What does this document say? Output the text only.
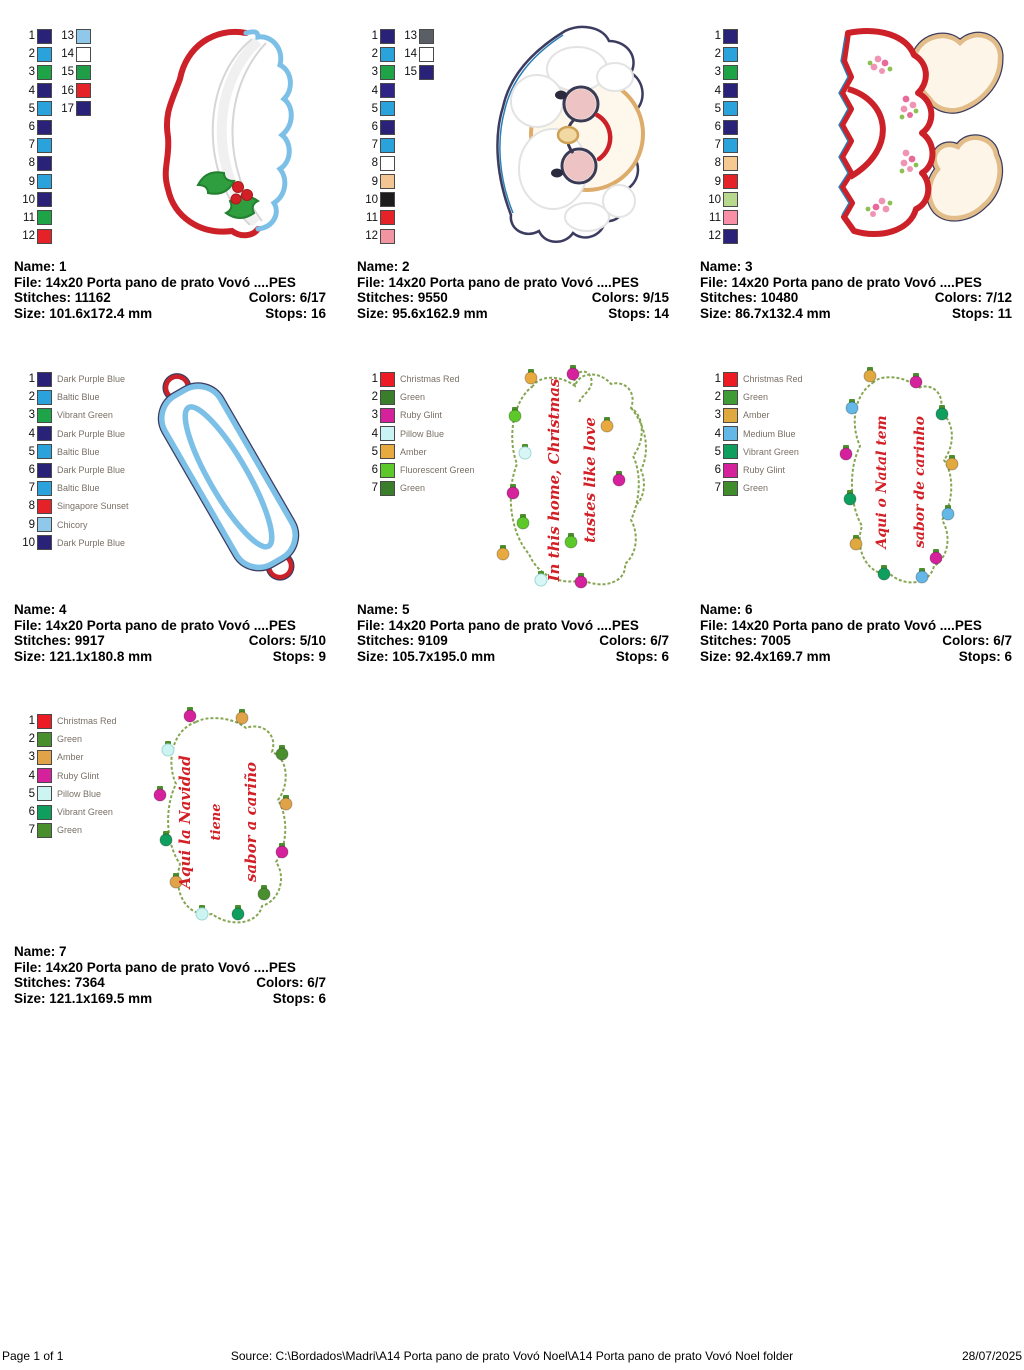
1
2
3
4
5
6
7
8
9
10
11
12
13
14
15
16
17
Name: 1
File: 14x20 Porta pano de prato Vovó ....PES
Stitches: 11162	Colors: 6/17
Size: 101.6x172.4 mm	Stops: 16
1
2
3
4
5
6
7
8
9
10
11
12
13
14
15
Name: 2
File: 14x20 Porta pano de prato Vovó ....PES
Stitches: 9550	Colors: 9/15
Size: 95.6x162.9 mm	Stops: 14
1
2
3
4
5
6
7
8
9
10
11
12
Name: 3
File: 14x20 Porta pano de prato Vovó ....PES
Stitches: 10480	Colors: 7/12
Size: 86.7x132.4 mm	Stops: 11
1 Dark Purple Blue
2 Baltic Blue
3 Vibrant Green
4 Dark Purple Blue
5 Baltic Blue
6 Dark Purple Blue
7 Baltic Blue
8 Singapore Sunset
9 Chicory
10 Dark Purple Blue
Name: 4
File: 14x20 Porta pano de prato Vovó ....PES
Stitches: 9917	Colors: 5/10
Size: 121.1x180.8 mm	Stops: 9
1 Christmas Red
2 Green
3 Ruby Glint
4 Pillow Blue
5 Amber
6 Fluorescent Green
7 Green	In this home, Christmas tastes like love
Name: 5
File: 14x20 Porta pano de prato Vovó ....PES
Stitches: 9109	Colors: 6/7
Size: 105.7x195.0 mm	Stops: 6
1 Christmas Red
2 Green
3 Amber
4 Medium Blue
5 Vibrant Green
6 Ruby Glint
7 Green	Aqui o Natal tem sabor de carinho
Name: 6
File: 14x20 Porta pano de prato Vovó ....PES
Stitches: 7005	Colors: 6/7
Size: 92.4x169.7 mm	Stops: 6
1 Christmas Red
2 Green
3 Amber
4 Ruby Glint
5 Pillow Blue
6 Vibrant Green
7 Green	Aqui la Navidad tiene sabor a cariño
Name: 7
File: 14x20 Porta pano de prato Vovó ....PES
Stitches: 7364	Colors: 6/7
Size: 121.1x169.5 mm	Stops: 6
Page 1 of 1	Source: C:\Bordados\Madri\A14 Porta pano de prato Vovó Noel\A14 Porta pano de prato Vovó Noel folder	28/07/2025
